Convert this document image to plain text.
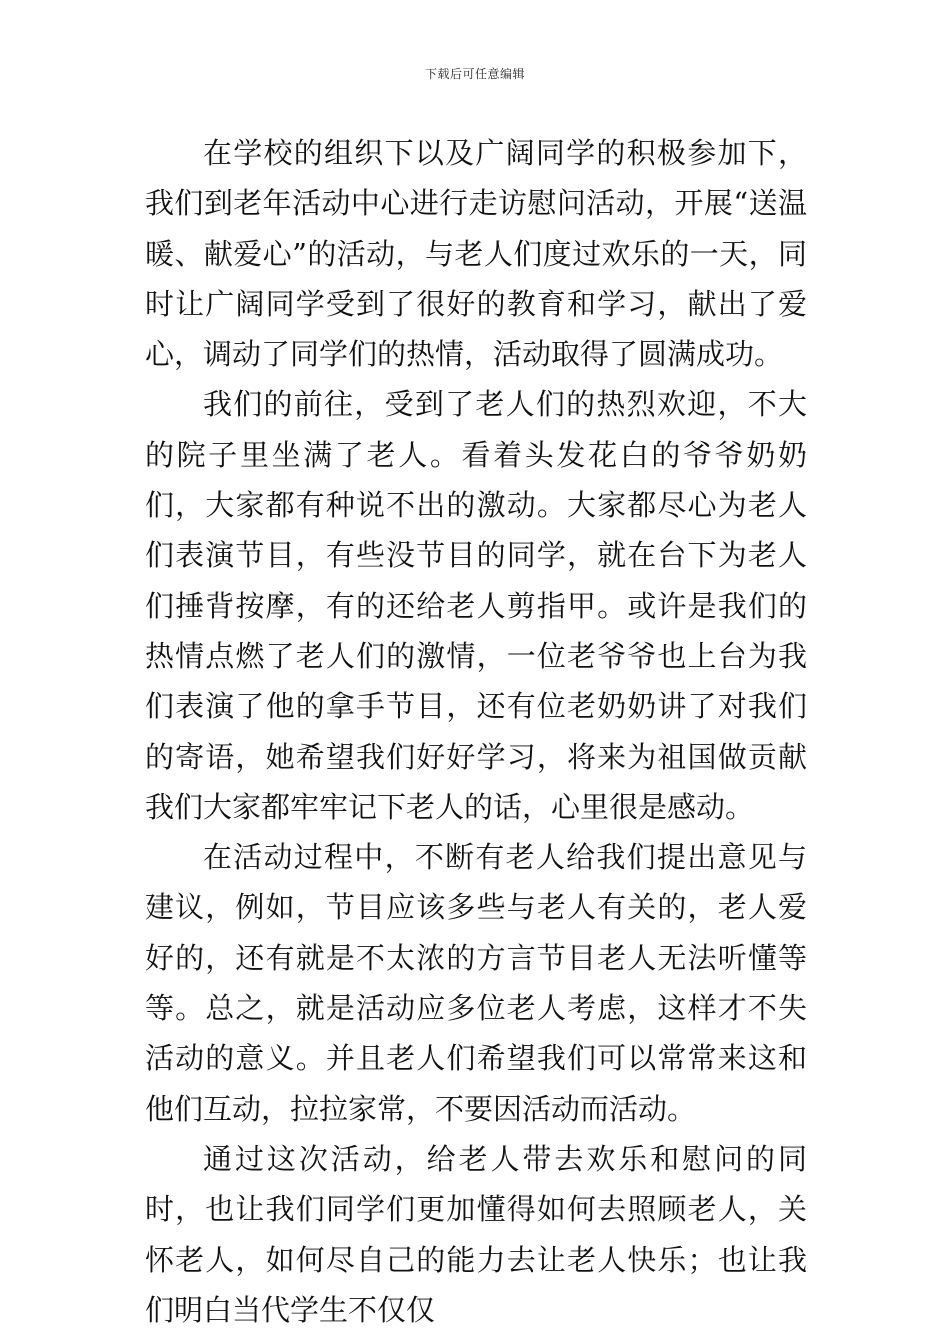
下载后可任意编辑

在学校的组织下以及广阔同学的积极参加下，我们到老年活动中心进行走访慰问活动，开展“送温暖、献爱心”的活动，与老人们度过欢乐的一天，同时让广阔同学受到了很好的教育和学习，献出了爱心，调动了同学们的热情，活动取得了圆满成功。

我们的前往，受到了老人们的热烈欢迎，不大的院子里坐满了老人。看着头发花白的爷爷奶奶们，大家都有种说不出的激动。大家都尽心为老人们表演节目，有些没节目的同学，就在台下为老人们捶背按摩，有的还给老人剪指甲。或许是我们的热情点燃了老人们的激情，一位老爷爷也上台为我们表演了他的拿手节目，还有位老奶奶讲了对我们的寄语，她希望我们好好学习，将来为祖国做贡献我们大家都牢牢记下老人的话，心里很是感动。

在活动过程中，不断有老人给我们提出意见与建议，例如，节目应该多些与老人有关的，老人爱好的，还有就是不太浓的方言节目老人无法听懂等等。总之，就是活动应多位老人考虑，这样才不失活动的意义。并且老人们希望我们可以常常来这和他们互动，拉拉家常，不要因活动而活动。

通过这次活动，给老人带去欢乐和慰问的同时，也让我们同学们更加懂得如何去照顾老人，关怀老人，如何尽自己的能力去让老人快乐；也让我们明白当代学生不仅仅
